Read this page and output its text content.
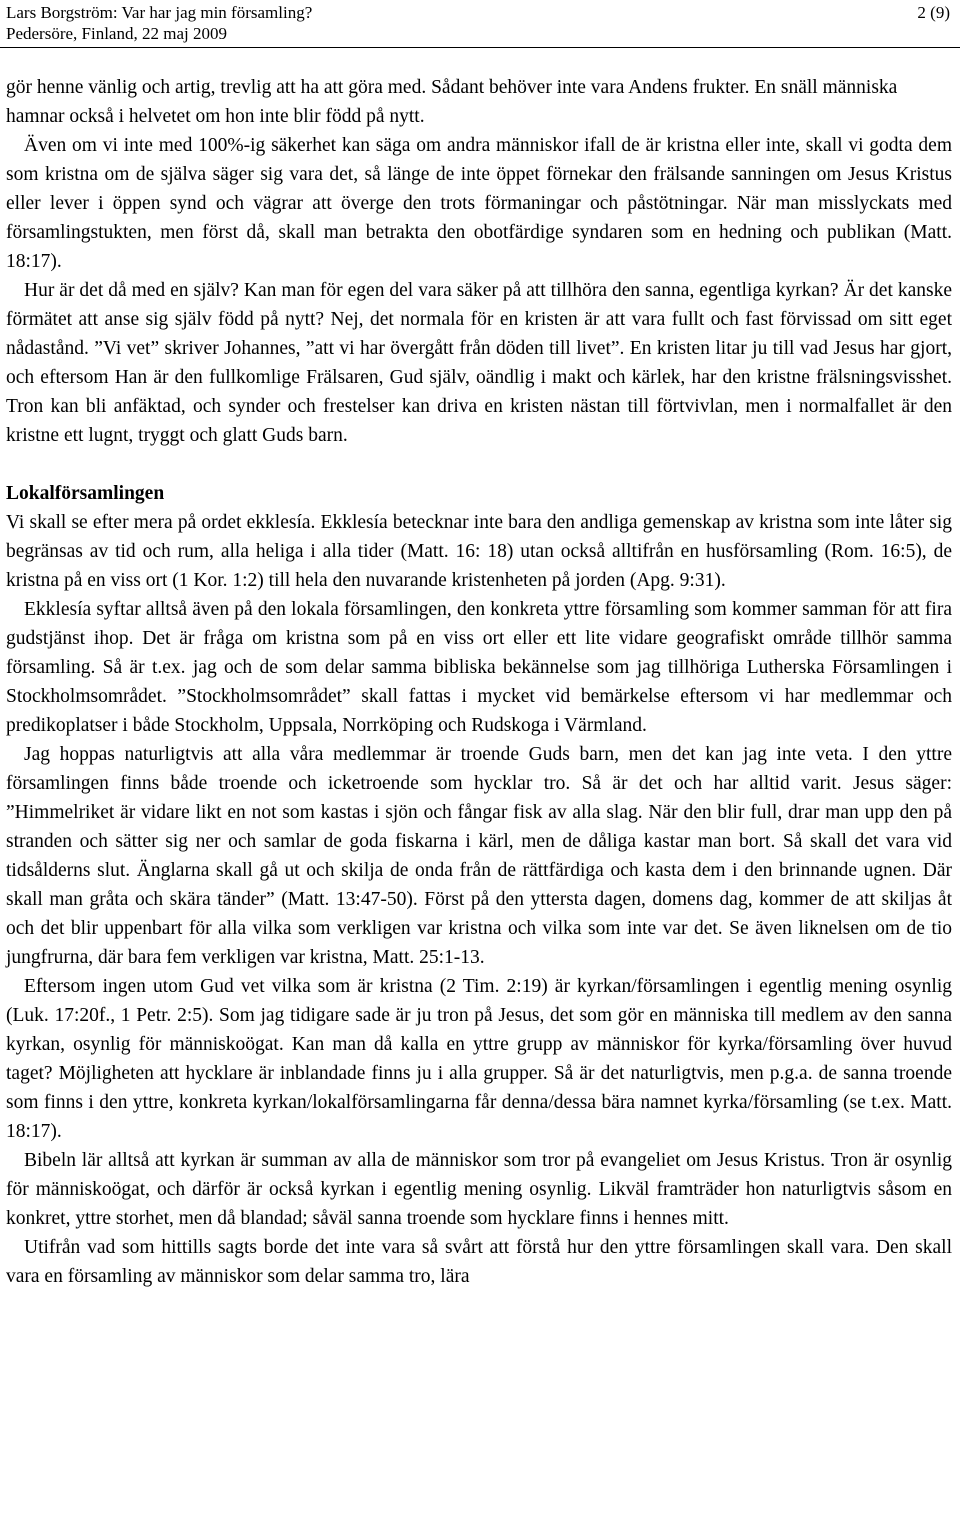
Lars Borgström: Var har jag min församling?	2 (9)
Pedersöre, Finland, 22 maj 2009

gör henne vänlig och artig, trevlig att ha att göra med. Sådant behöver inte vara Andens frukter. En snäll människa hamnar också i helvetet om hon inte blir född på nytt.

Även om vi inte med 100%-ig säkerhet kan säga om andra människor ifall de är kristna eller inte, skall vi godta dem som kristna om de själva säger sig vara det, så länge de inte öppet förnekar den frälsande sanningen om Jesus Kristus eller lever i öppen synd och vägrar att överge den trots förmaningar och påstötningar. När man misslyckats med församlingstukten, men först då, skall man betrakta den obotfärdige syndaren som en hedning och publikan (Matt. 18:17).

Hur är det då med en själv? Kan man för egen del vara säker på att tillhöra den sanna, egentliga kyrkan? Är det kanske förmätet att anse sig själv född på nytt? Nej, det normala för en kristen är att vara fullt och fast förvissad om sitt eget nådastånd. ”Vi vet” skriver Johannes, ”att vi har övergått från döden till livet”. En kristen litar ju till vad Jesus har gjort, och eftersom Han är den fullkomlige Frälsaren, Gud själv, oändlig i makt och kärlek, har den kristne frälsningsvisshet. Tron kan bli anfäktad, och synder och frestelser kan driva en kristen nästan till förtvivlan, men i normalfallet är den kristne ett lugnt, tryggt och glatt Guds barn.

Lokalförsamlingen

Vi skall se efter mera på ordet ekklesía. Ekklesía betecknar inte bara den andliga gemenskap av kristna som inte låter sig begränsas av tid och rum, alla heliga i alla tider (Matt. 16: 18) utan också alltifrån en husförsamling (Rom. 16:5), de kristna på en viss ort (1 Kor. 1:2) till hela den nuvarande kristenheten på jorden (Apg. 9:31).

Ekklesía syftar alltså även på den lokala församlingen, den konkreta yttre församling som kommer samman för att fira gudstjänst ihop. Det är fråga om kristna som på en viss ort eller ett lite vidare geografiskt område tillhör samma församling. Så är t.ex. jag och de som delar samma bibliska bekännelse som jag tillhöriga Lutherska Församlingen i Stockholmsområdet. ”Stockholmsområdet” skall fattas i mycket vid bemärkelse eftersom vi har medlemmar och predikoplatser i både Stockholm, Uppsala, Norrköping och Rudskoga i Värmland.

Jag hoppas naturligtvis att alla våra medlemmar är troende Guds barn, men det kan jag inte veta. I den yttre församlingen finns både troende och icketroende som hycklar tro. Så är det och har alltid varit. Jesus säger: ”Himmelriket är vidare likt en not som kastas i sjön och fångar fisk av alla slag. När den blir full, drar man upp den på stranden och sätter sig ner och samlar de goda fiskarna i kärl, men de dåliga kastar man bort. Så skall det vara vid tidsålderns slut. Änglarna skall gå ut och skilja de onda från de rättfärdiga och kasta dem i den brinnande ugnen. Där skall man gråta och skära tänder” (Matt. 13:47-50). Först på den yttersta dagen, domens dag, kommer de att skiljas åt och det blir uppenbart för alla vilka som verkligen var kristna och vilka som inte var det. Se även liknelsen om de tio jungfrurna, där bara fem verkligen var kristna, Matt. 25:1-13.

Eftersom ingen utom Gud vet vilka som är kristna (2 Tim. 2:19) är kyrkan/församlingen i egentlig mening osynlig (Luk. 17:20f., 1 Petr. 2:5). Som jag tidigare sade är ju tron på Jesus, det som gör en människa till medlem av den sanna kyrkan, osynlig för människoögat. Kan man då kalla en yttre grupp av människor för kyrka/församling över huvud taget? Möjligheten att hycklare är inblandade finns ju i alla grupper. Så är det naturligtvis, men p.g.a. de sanna troende som finns i den yttre, konkreta kyrkan/lokalförsamlingarna får denna/dessa bära namnet kyrka/församling (se t.ex. Matt. 18:17).

Bibeln lär alltså att kyrkan är summan av alla de människor som tror på evangeliet om Jesus Kristus. Tron är osynlig för människoögat, och därför är också kyrkan i egentlig mening osynlig. Likväl framträder hon naturligtvis såsom en konkret, yttre storhet, men då blandad; såväl sanna troende som hycklare finns i hennes mitt.

Utifrån vad som hittills sagts borde det inte vara så svårt att förstå hur den yttre församlingen skall vara. Den skall vara en församling av människor som delar samma tro, lära
